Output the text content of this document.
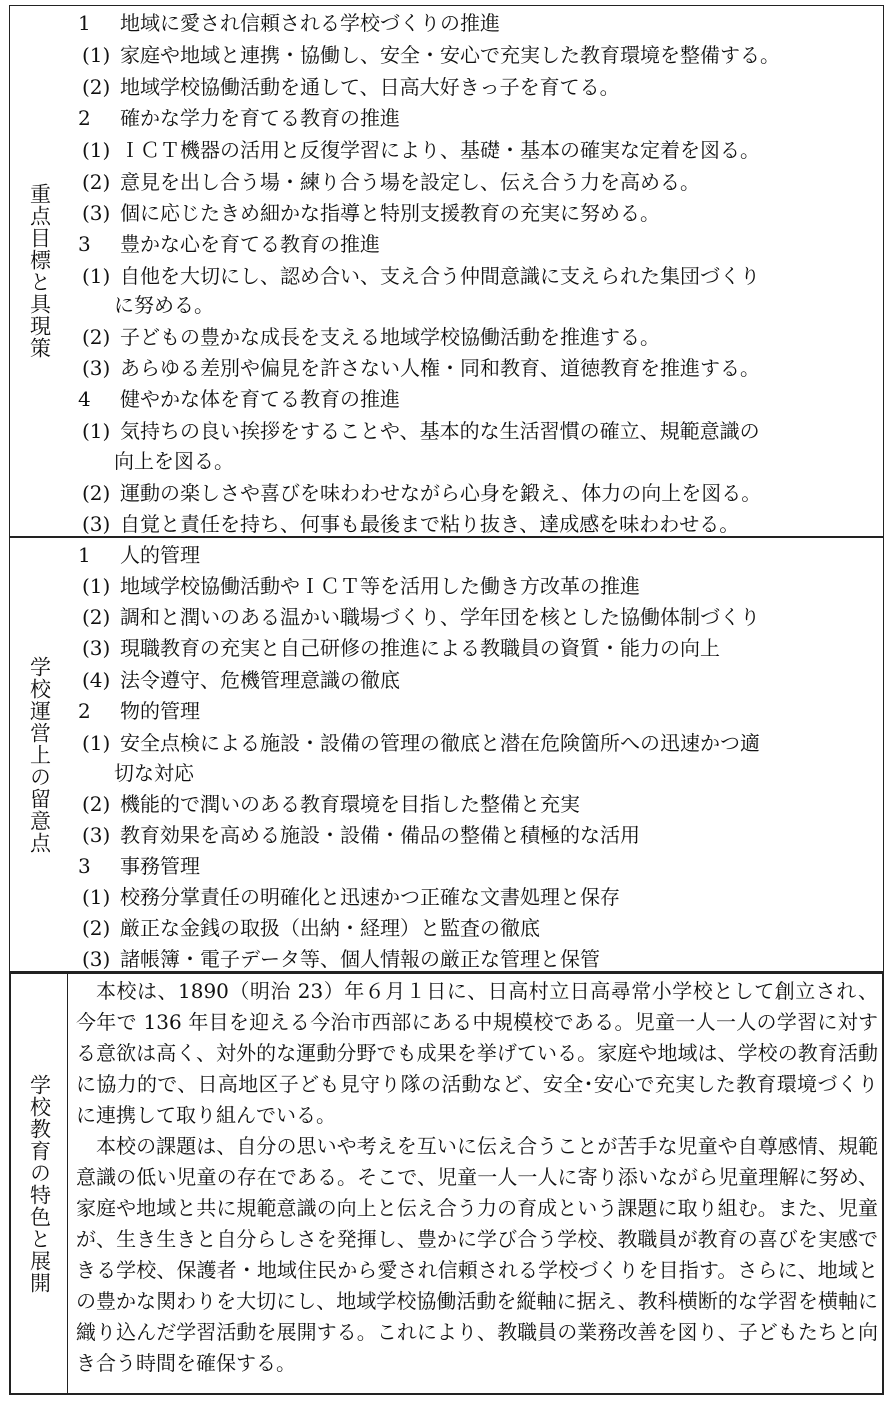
重点目標と具現策
1 地域に愛され信頼される学校づくりの推進
(1) 家庭や地域と連携・協働し、安全・安心で充実した教育環境を整備する。
(2) 地域学校協働活動を通して、日高大好きっ子を育てる。
2 確かな学力を育てる教育の推進
(1) ＩＣＴ機器の活用と反復学習により、基礎・基本の確実な定着を図る。
(2) 意見を出し合う場・練り合う場を設定し、伝え合う力を高める。
(3) 個に応じたきめ細かな指導と特別支援教育の充実に努める。
3 豊かな心を育てる教育の推進
(1) 自他を大切にし、認め合い、支え合う仲間意識に支えられた集団づくり
に努める。
(2) 子どもの豊かな成長を支える地域学校協働活動を推進する。
(3) あらゆる差別や偏見を許さない人権・同和教育、道徳教育を推進する。
4 健やかな体を育てる教育の推進
(1) 気持ちの良い挨拶をすることや、基本的な生活習慣の確立、規範意識の
向上を図る。
(2) 運動の楽しさや喜びを味わわせながら心身を鍛え、体力の向上を図る。
(3) 自覚と責任を持ち、何事も最後まで粘り抜き、達成感を味わわせる。
学校運営上の留意点
1 人的管理
(1) 地域学校協働活動やＩＣＴ等を活用した働き方改革の推進
(2) 調和と潤いのある温かい職場づくり、学年団を核とした協働体制づくり
(3) 現職教育の充実と自己研修の推進による教職員の資質・能力の向上
(4) 法令遵守、危機管理意識の徹底
2 物的管理
(1) 安全点検による施設・設備の管理の徹底と潜在危険箇所への迅速かつ適
切な対応
(2) 機能的で潤いのある教育環境を目指した整備と充実
(3) 教育効果を高める施設・設備・備品の整備と積極的な活用
3 事務管理
(1) 校務分掌責任の明確化と迅速かつ正確な文書処理と保存
(2) 厳正な金銭の取扱（出納・経理）と監査の徹底
(3) 諸帳簿・電子データ等、個人情報の厳正な管理と保管
学校教育の特色と展開

本校は、1890（明治 23）年６月１日に、日高村立日高尋常小学校として創立され、今年で 136 年目を迎える今治市西部にある中規模校である。児童一人一人の学習に対する意欲は高く、対外的な運動分野でも成果を挙げている。家庭や地域は、学校の教育活動に協力的で、日高地区子ども見守り隊の活動など、安全･安心で充実した教育環境づくりに連携して取り組んでいる。

本校の課題は、自分の思いや考えを互いに伝え合うことが苦手な児童や自尊感情、規範意識の低い児童の存在である。そこで、児童一人一人に寄り添いながら児童理解に努め、家庭や地域と共に規範意識の向上と伝え合う力の育成という課題に取り組む。また、児童が、生き生きと自分らしさを発揮し、豊かに学び合う学校、教職員が教育の喜びを実感できる学校、保護者・地域住民から愛され信頼される学校づくりを目指す。さらに、地域との豊かな関わりを大切にし、地域学校協働活動を縦軸に据え、教科横断的な学習を横軸に織り込んだ学習活動を展開する。これにより、教職員の業務改善を図り、子どもたちと向き合う時間を確保する。
